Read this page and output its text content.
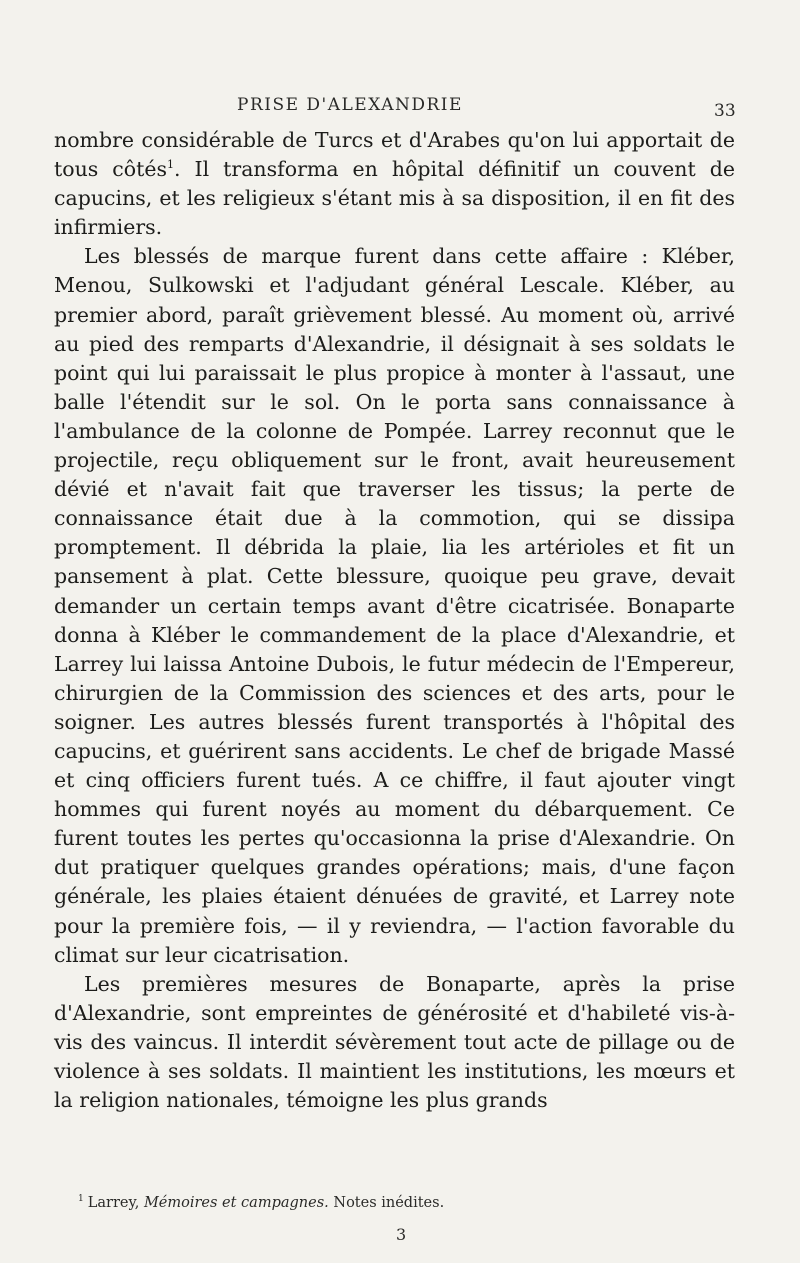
PRISE D'ALEXANDRIE	33

nombre considérable de Turcs et d'Arabes qu'on lui apportait de tous côtés$^1$. Il transforma en hôpital définitif un couvent de capucins, et les religieux s'étant mis à sa disposition, il en fit des infirmiers.

Les blessés de marque furent dans cette affaire : Kléber, Menou, Sulkowski et l'adjudant général Lescale. Kléber, au premier abord, paraît grièvement blessé. Au moment où, arrivé au pied des remparts d'Alexandrie, il désignait à ses soldats le point qui lui paraissait le plus propice à monter à l'assaut, une balle l'étendit sur le sol. On le porta sans connaissance à l'ambulance de la colonne de Pompée. Larrey reconnut que le projectile, reçu obliquement sur le front, avait heureusement dévié et n'avait fait que traverser les tissus; la perte de connaissance était due à la commotion, qui se dissipa promptement. Il débrida la plaie, lia les artérioles et fit un pansement à plat. Cette blessure, quoique peu grave, devait demander un certain temps avant d'être cicatrisée. Bonaparte donna à Kléber le commandement de la place d'Alexandrie, et Larrey lui laissa Antoine Dubois, le futur médecin de l'Empereur, chirurgien de la Commission des sciences et des arts, pour le soigner. Les autres blessés furent transportés à l'hôpital des capucins, et guérirent sans accidents. Le chef de brigade Massé et cinq officiers furent tués. A ce chiffre, il faut ajouter vingt hommes qui furent noyés au moment du débarquement. Ce furent toutes les pertes qu'occasionna la prise d'Alexandrie. On dut pratiquer quelques grandes opérations; mais, d'une façon générale, les plaies étaient dénuées de gravité, et Larrey note pour la première fois, — il y reviendra, — l'action favorable du climat sur leur cicatrisation.

Les premières mesures de Bonaparte, après la prise d'Alexandrie, sont empreintes de générosité et d'habileté vis-à-vis des vaincus. Il interdit sévèrement tout acte de pillage ou de violence à ses soldats. Il maintient les institutions, les mœurs et la religion nationales, témoigne les plus grands

$^1$ Larrey, Mémoires et campagnes. Notes inédites.
3
